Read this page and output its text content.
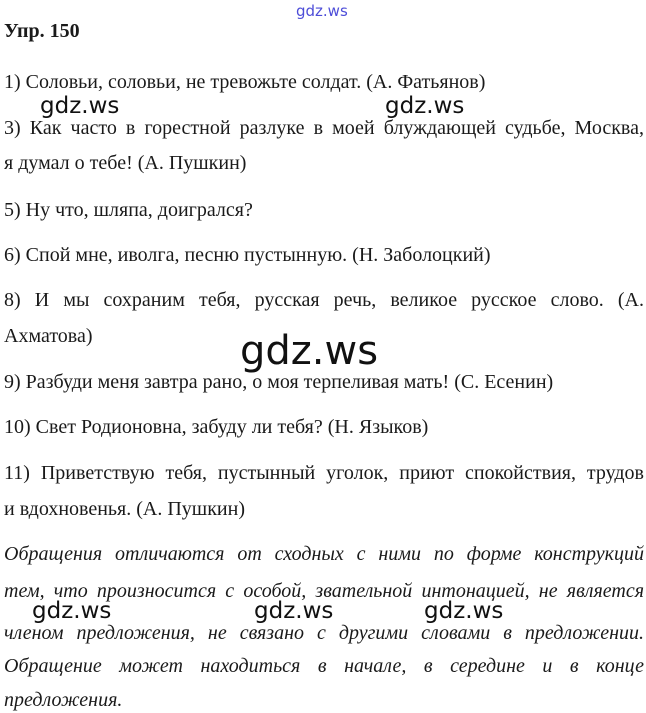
gdz.ws
Упр. 150
1) Соловьи, соловьи, не тревожьте солдат. (А. Фатьянов)
gdz.ws	gdz.ws
3) Как часто в горестной разлуке в моей блуждающей судьбе, Москва,
я думал о тебе! (А. Пушкин)
5) Ну что, шляпа, доигрался?
6) Спой мне, иволга, песню пустынную. (Н. Заболоцкий)
8) И мы сохраним тебя, русская речь, великое русское слово. (А.
Ахматова)	gdz.ws
9) Разбуди меня завтра рано, о моя терпеливая мать! (С. Есенин)
10) Свет Родионовна, забуду ли тебя? (Н. Языков)
11) Приветствую тебя, пустынный уголок, приют спокойствия, трудов
и вдохновенья. (А. Пушкин)
Обращения отличаются от сходных с ними по форме конструкций
тем, что произносится с особой, звательной интонацией, не является
gdz.ws	gdz.ws	gdz.ws
членом предложения, не связано с другими словами в предложении.
Обращение может находиться в начале, в середине и в конце
предложения.
